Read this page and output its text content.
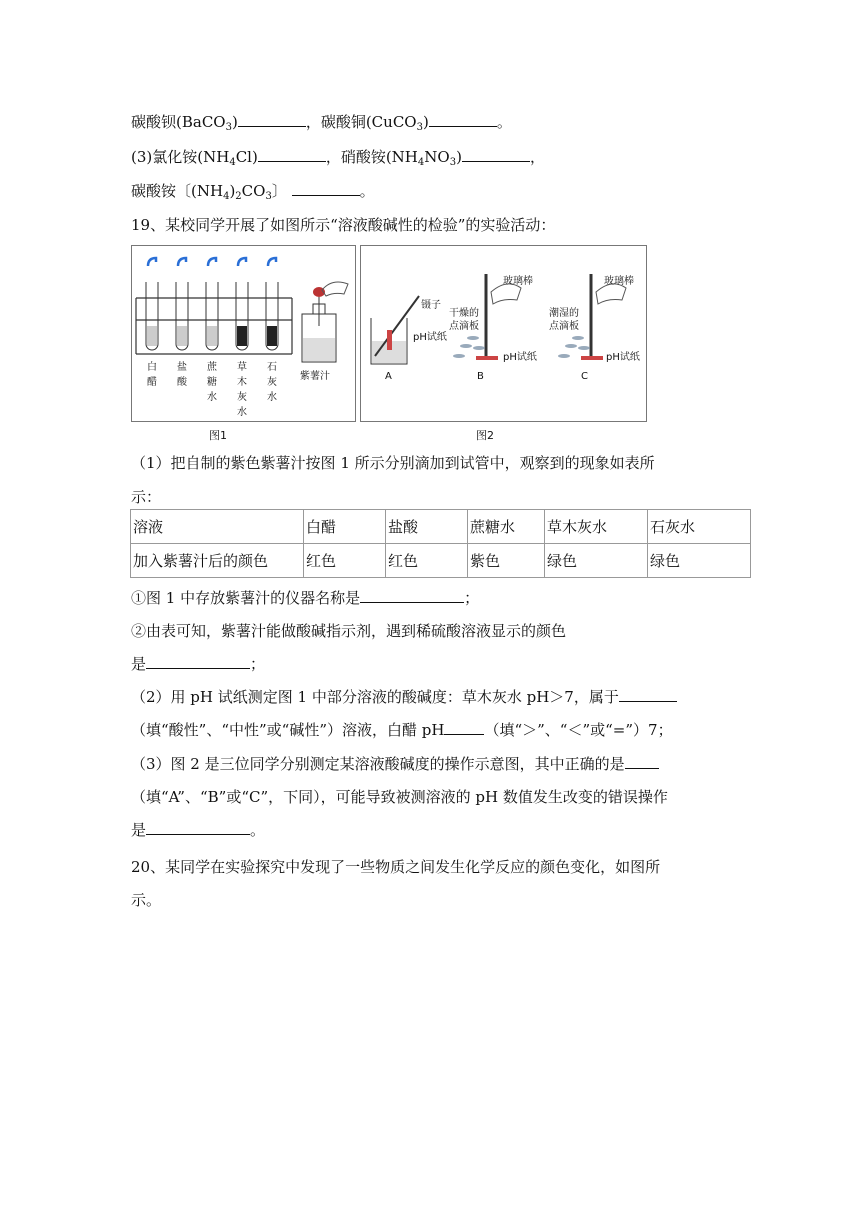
碳酸钡(BaCO$_3$)	，碳酸铜(CuCO$_3$)	。
(3)氯化铵$(NH_4Cl)$	，硝酸铵$(NH_4NO_3)$	，
碳酸铵〔$(NH_4)_2CO_3$〕	。
19、某校同学开展了如图所示“溶液酸碱性的检验”的实验活动：
白醋
盐酸
蔗糖水
草木灰水
石灰水
紫薯汁
图1
镊子
pH试纸
A
玻璃棒
干燥的
点滴板
pH试纸
B
玻璃棒
潮湿的
点滴板
pH试纸
C
图2
（1）把自制的紫色紫薯汁按图 1 所示分别滴加到试管中，观察到的现象如表所
示：
溶液	白醋	盐酸	蔗糖水	草木灰水	石灰水
加入紫薯汁后的颜色	红色	红色	紫色	绿色	绿色
①图 1 中存放紫薯汁的仪器名称是	；
②由表可知，紫薯汁能做酸碱指示剂，遇到稀硫酸溶液显示的颜色
是	；
（2）用 pH 试纸测定图 1 中部分溶液的酸碱度：草木灰水 pH＞7，属于
（填“酸性”、“中性”或“碱性”）溶液，白醋 pH	（填“＞”、“＜”或“=”）7；
（3）图 2 是三位同学分别测定某溶液酸碱度的操作示意图，其中正确的是
（填“A”、“B”或“C”，下同），可能导致被测溶液的 pH 数值发生改变的错误操作
是	。
20、某同学在实验探究中发现了一些物质之间发生化学反应的颜色变化，如图所
示。
